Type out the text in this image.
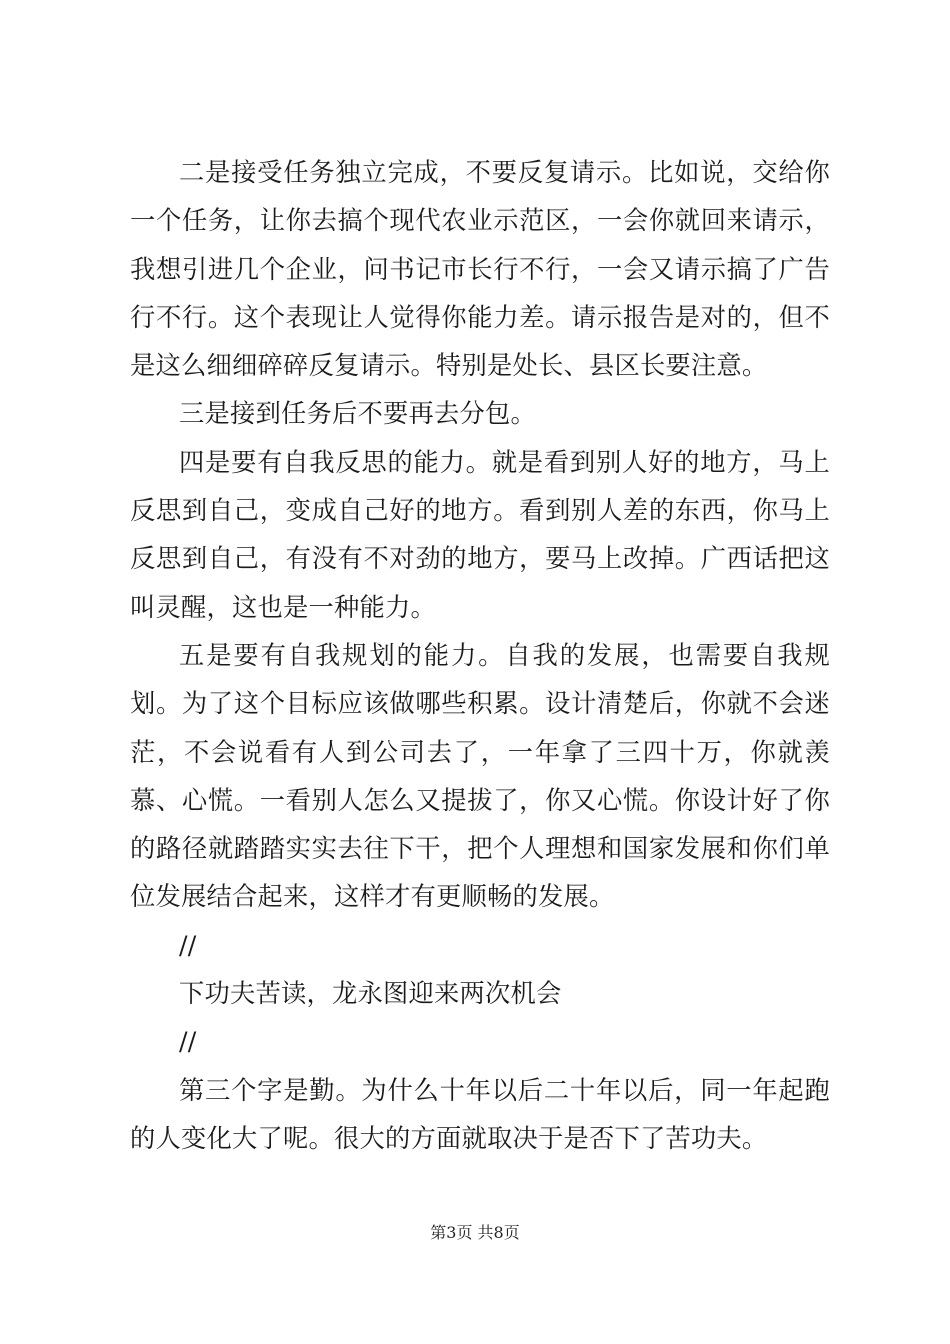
二是接受任务独立完成，不要反复请示。比如说，交给你一个任务，让你去搞个现代农业示范区，一会你就回来请示，我想引进几个企业，问书记市长行不行，一会又请示搞了广告行不行。这个表现让人觉得你能力差。请示报告是对的，但不是这么细细碎碎反复请示。特别是处长、县区长要注意。

三是接到任务后不要再去分包。

四是要有自我反思的能力。就是看到别人好的地方，马上反思到自己，变成自己好的地方。看到别人差的东西，你马上反思到自己，有没有不对劲的地方，要马上改掉。广西话把这叫灵醒，这也是一种能力。

五是要有自我规划的能力。自我的发展，也需要自我规划。为了这个目标应该做哪些积累。设计清楚后，你就不会迷茫，不会说看有人到公司去了，一年拿了三四十万，你就羡慕、心慌。一看别人怎么又提拔了，你又心慌。你设计好了你的路径就踏踏实实去往下干，把个人理想和国家发展和你们单位发展结合起来，这样才有更顺畅的发展。

//

下功夫苦读，龙永图迎来两次机会

//

第三个字是勤。为什么十年以后二十年以后，同一年起跑的人变化大了呢。很大的方面就取决于是否下了苦功夫。

第3页 共8页
